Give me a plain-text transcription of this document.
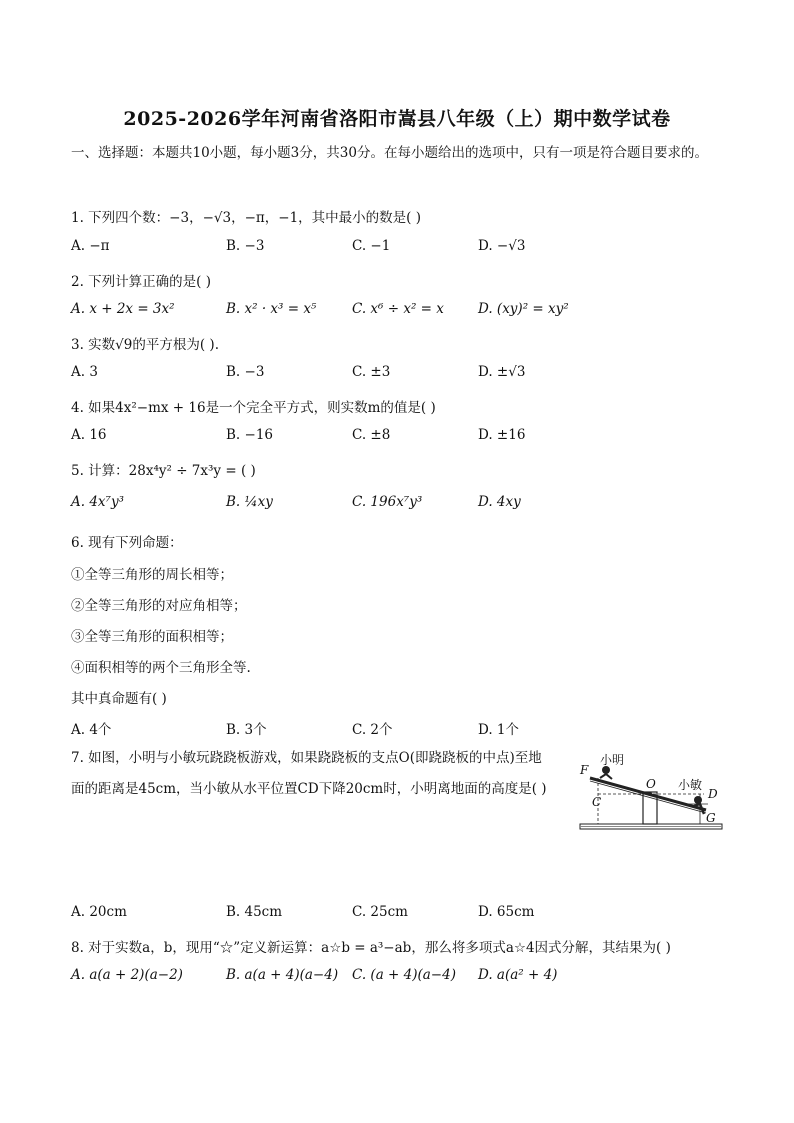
2025-2026学年河南省洛阳市嵩县八年级（上）期中数学试卷
一、选择题：本题共10小题，每小题3分，共30分。在每小题给出的选项中，只有一项是符合题目要求的。
1. 下列四个数：−3，−√3，−π，−1，其中最小的数是( )
A. −π	B. −3	C. −1	D. −√3
2. 下列计算正确的是( )
A. x + 2x = 3x²	B. x² · x³ = x⁵	C. x⁶ ÷ x² = x	D. (xy)² = xy²
3. 实数√9的平方根为( ).
A. 3	B. −3	C. ±3	D. ±√3
4. 如果4x²−mx + 16是一个完全平方式，则实数m的值是( )
A. 16	B. −16	C. ±8	D. ±16
5. 计算：28x⁴y² ÷ 7x³y = ( )
A. 4x⁷y³	B. ¼xy	C. 196x⁷y³	D. 4xy
6. 现有下列命题：
①全等三角形的周长相等；
②全等三角形的对应角相等；
③全等三角形的面积相等；
④面积相等的两个三角形全等.
其中真命题有( )
A. 4个	B. 3个	C. 2个	D. 1个
7. 如图，小明与小敏玩跷跷板游戏，如果跷跷板的支点O(即跷跷板的中点)至地面的距离是45cm，当小敏从水平位置CD下降20cm时，小明离地面的高度是( )
小明
小敏
F
O
C
D
G
A. 20cm	B. 45cm	C. 25cm	D. 65cm
8. 对于实数a，b，现用“☆”定义新运算：a☆b = a³−ab，那么将多项式a☆4因式分解，其结果为( )
A. a(a + 2)(a−2)	B. a(a + 4)(a−4) C. (a + 4)(a−4) D. a(a² + 4)
